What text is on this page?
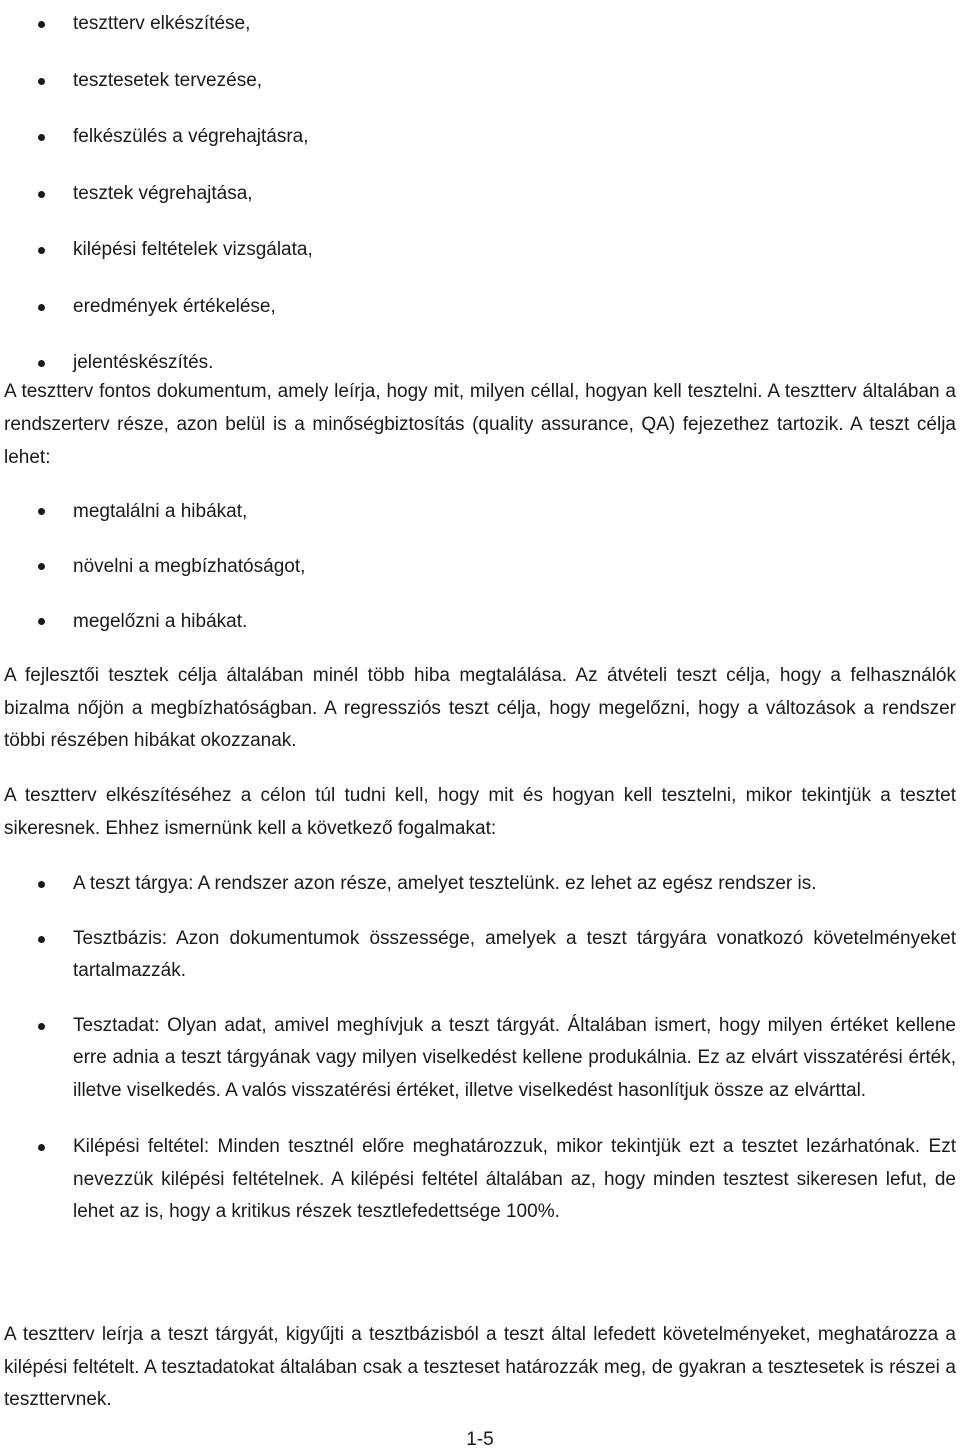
tesztterv elkészítése,
tesztesetek tervezése,
felkészülés a végrehajtásra,
tesztek végrehajtása,
kilépési feltételek vizsgálata,
eredmények értékelése,
jelentéskészítés.

A tesztterv fontos dokumentum, amely leírja, hogy mit, milyen céllal, hogyan kell tesztelni. A tesztterv általában a rendszerterv része, azon belül is a minőségbiztosítás (quality assurance, QA) fejezethez tartozik. A teszt célja lehet:

megtalálni a hibákat,
növelni a megbízhatóságot,
megelőzni a hibákat.

A fejlesztői tesztek célja általában minél több hiba megtalálása. Az átvételi teszt célja, hogy a felhasználók bizalma nőjön a megbízhatóságban. A regressziós teszt célja, hogy megelőzni, hogy a változások a rendszer többi részében hibákat okozzanak.

A tesztterv elkészítéséhez a célon túl tudni kell, hogy mit és hogyan kell tesztelni, mikor tekintjük a tesztet sikeresnek. Ehhez ismernünk kell a következő fogalmakat:

A teszt tárgya: A rendszer azon része, amelyet tesztelünk. ez lehet az egész rendszer is.
Tesztbázis: Azon dokumentumok összessége, amelyek a teszt tárgyára vonatkozó követelményeket tartalmazzák.
Tesztadat: Olyan adat, amivel meghívjuk a teszt tárgyát. Általában ismert, hogy milyen értéket kellene erre adnia a teszt tárgyának vagy milyen viselkedést kellene produkálnia. Ez az elvárt visszatérési érték, illetve viselkedés. A valós visszatérési értéket, illetve viselkedést hasonlítjuk össze az elvárttal.
Kilépési feltétel: Minden tesztnél előre meghatározzuk, mikor tekintjük ezt a tesztet lezárhatónak. Ezt nevezzük kilépési feltételnek. A kilépési feltétel általában az, hogy minden tesztest sikeresen lefut, de lehet az is, hogy a kritikus részek tesztlefedettsége 100%.

A tesztterv leírja a teszt tárgyát, kigyűjti a tesztbázisból a teszt által lefedett követelményeket, meghatározza a kilépési feltételt. A tesztadatokat általában csak a teszteset határozzák meg, de gyakran a tesztesetek is részei a teszttervnek.

1-5
